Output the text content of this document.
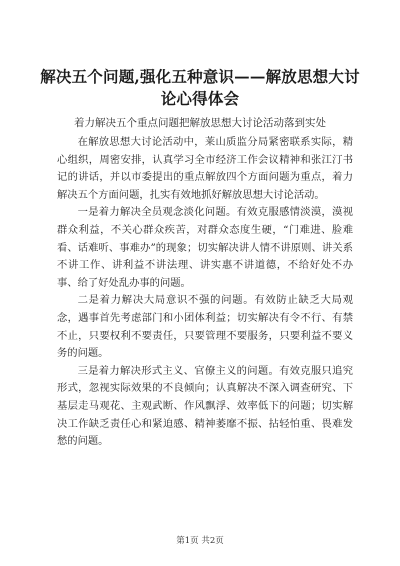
解决五个问题,强化五种意识——解放思想大讨论心得体会
着力解决五个重点问题把解放思想大讨论活动落到实处

在解放思想大讨论活动中，莱山质监分局紧密联系实际，精心组织，周密安排，认真学习全市经济工作会议精神和张江汀书记的讲话，并以市委提出的重点解放四个方面问题为重点，着力解决五个方面问题，扎实有效地抓好解放思想大讨论活动。

一是着力解决全员观念淡化问题。有效克服感情淡漠，漠视群众利益，不关心群众疾苦，对群众态度生硬，“门难进、脸难看、话难听、事难办”的现象；切实解决讲人情不讲原则、讲关系不讲工作、讲利益不讲法理、讲实惠不讲道德，不给好处不办事、给了好处乱办事的问题。

二是着力解决大局意识不强的问题。有效防止缺乏大局观念，遇事首先考虑部门和小团体利益；切实解决有令不行、有禁不止，只要权利不要责任，只要管理不要服务，只要利益不要义务的问题。

三是着力解决形式主义、官僚主义的问题。有效克服只追究形式，忽视实际效果的不良倾向；认真解决不深入调查研究、下基层走马观花、主观武断、作风飘浮、效率低下的问题；切实解决工作缺乏责任心和紧迫感、精神萎靡不振、拈轻怕重、畏难发愁的问题。

第1页 共2页
